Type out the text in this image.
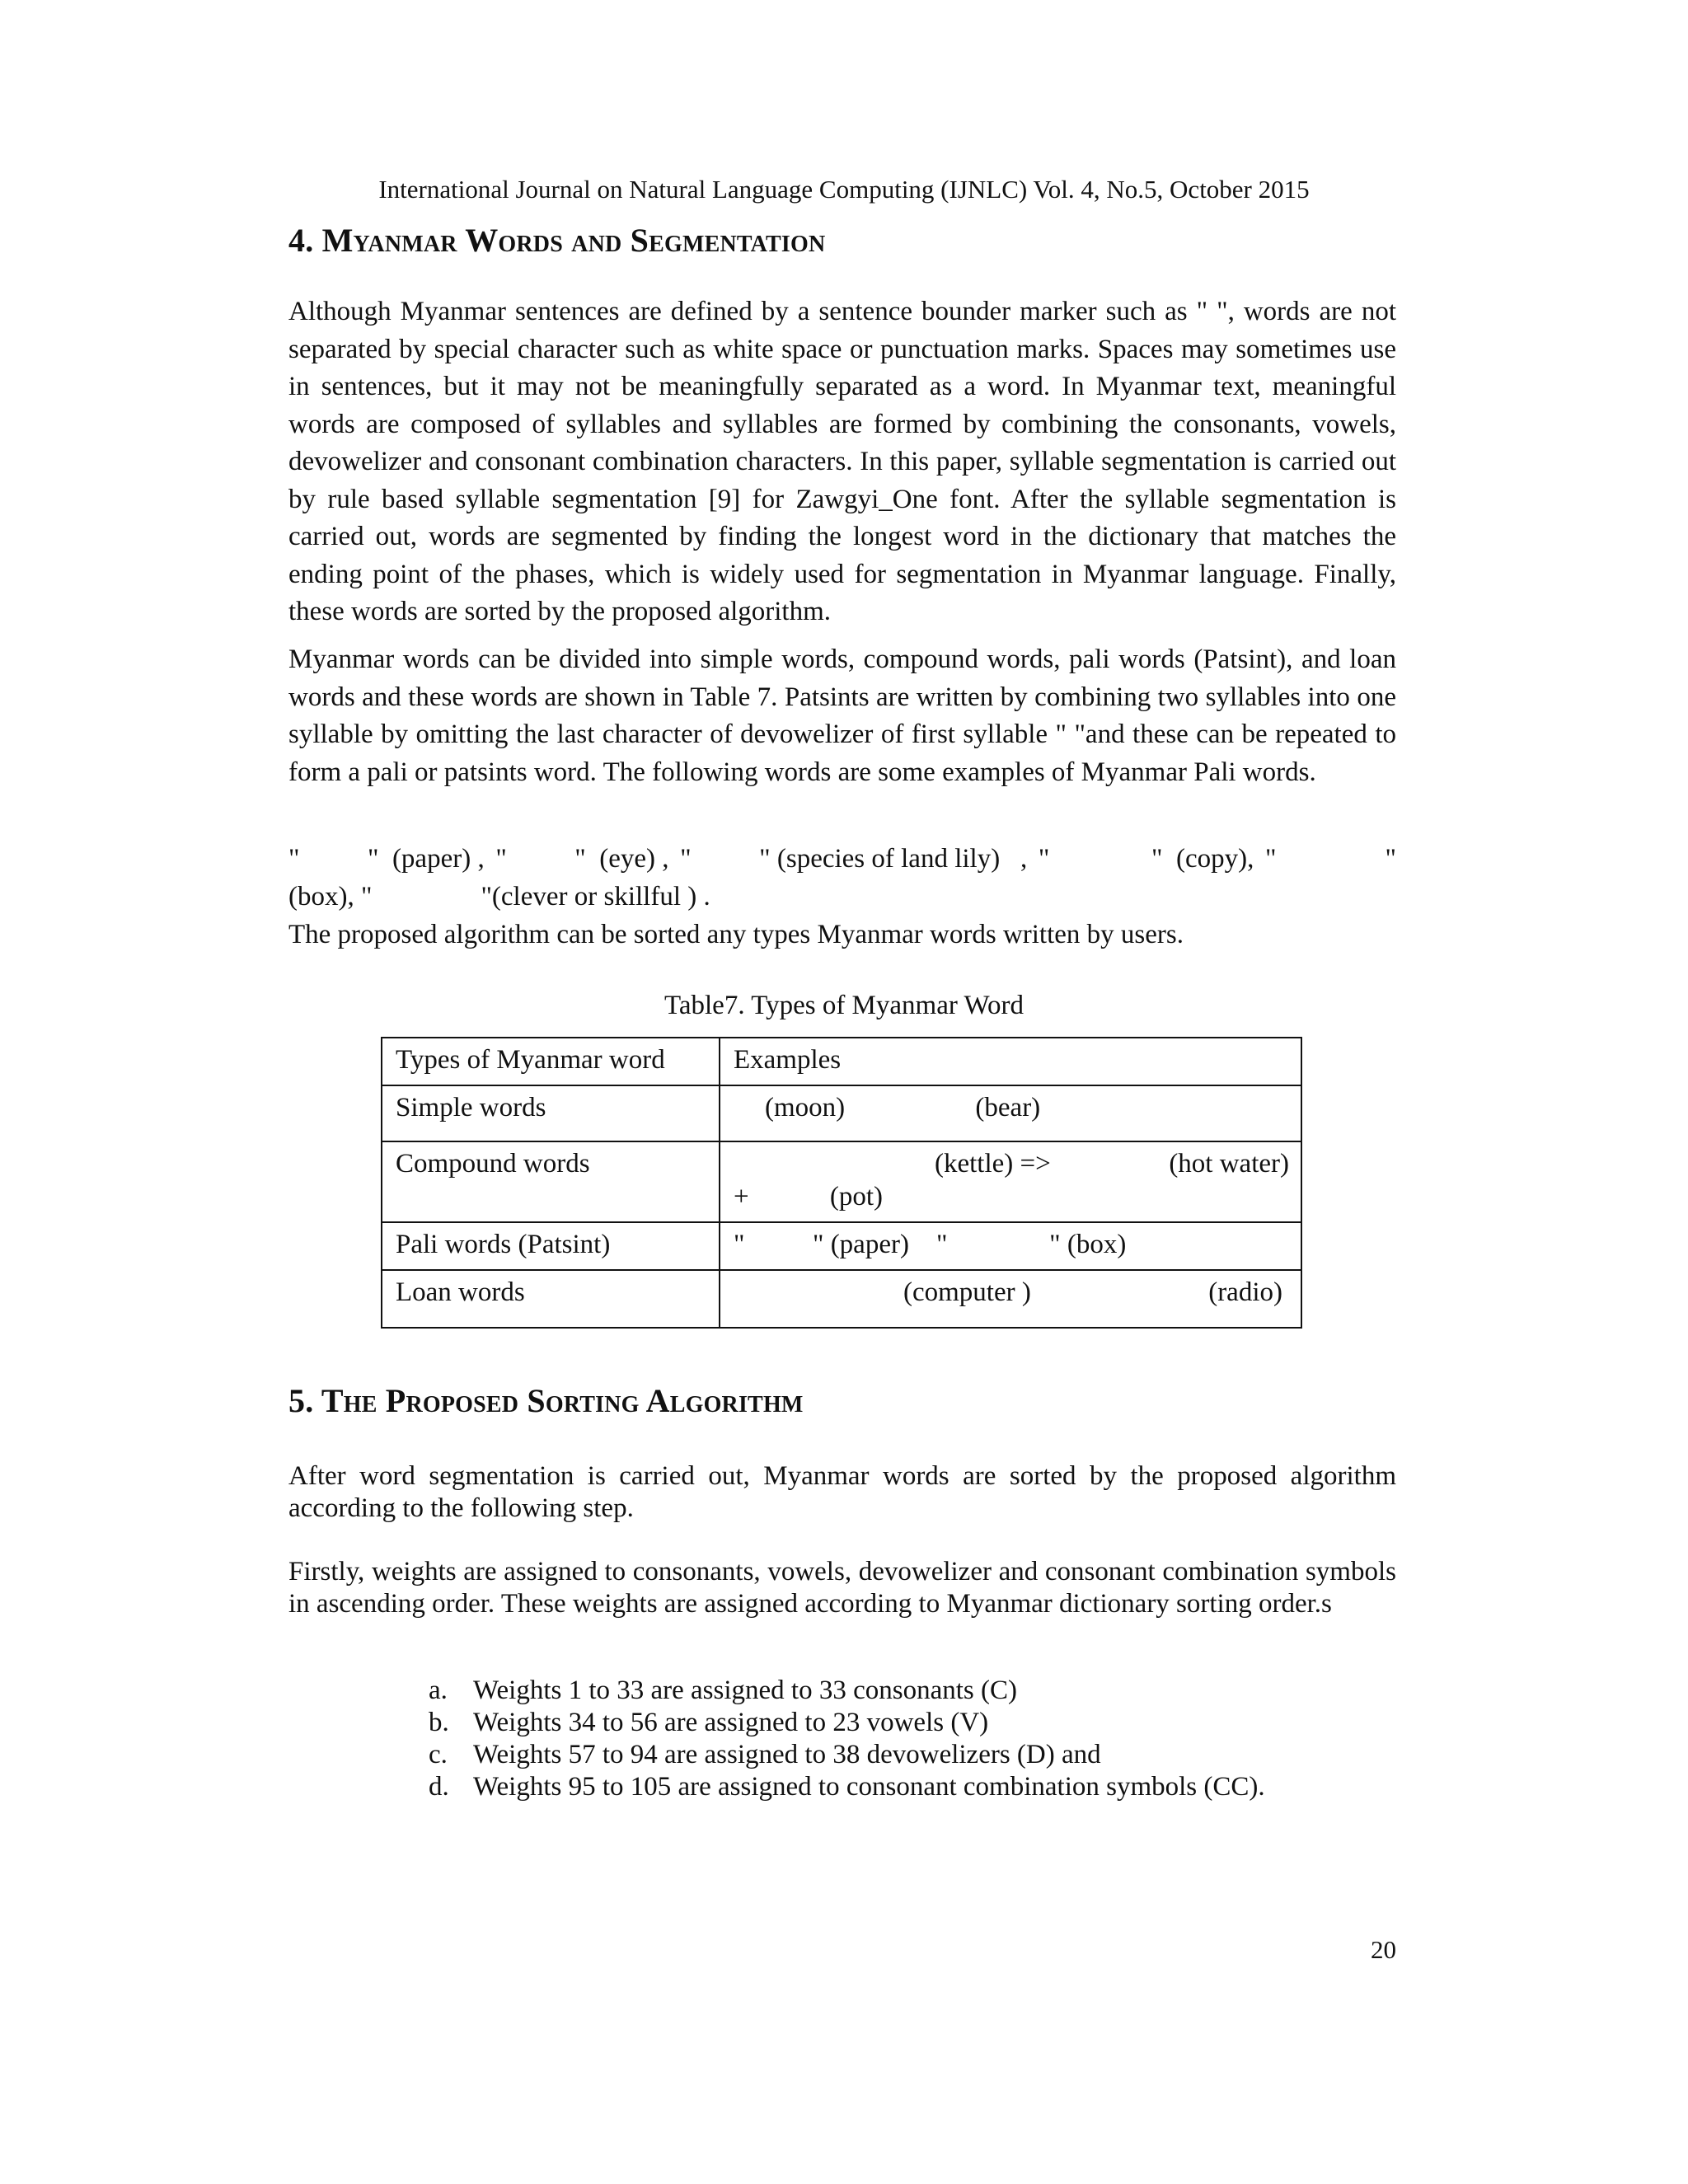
International Journal on Natural Language Computing (IJNLC) Vol. 4, No.5, October 2015
4. Myanmar Words and Segmentation

Although Myanmar sentences are defined by a sentence bounder marker such as " ", words are not separated by special character such as white space or punctuation marks. Spaces may sometimes use in sentences, but it may not be meaningfully separated as a word. In Myanmar text, meaningful words are composed of syllables and syllables are formed by combining the consonants, vowels, devowelizer and consonant combination characters. In this paper, syllable segmentation is carried out by rule based syllable segmentation [9] for Zawgyi_One font. After the syllable segmentation is carried out, words are segmented by finding the longest word in the dictionary that matches the ending point of the phases, which is widely used for segmentation in Myanmar language. Finally, these words are sorted by the proposed algorithm.

Myanmar words can be divided into simple words, compound words, pali words (Patsint), and loan words and these words are shown in Table 7. Patsints are written by combining two syllables into one syllable by omitting the last character of devowelizer of first syllable " "and these can be repeated to form a pali or patsints word. The following words are some examples of Myanmar Pali words.

"          "  (paper) , "          "  (eye) , "          " (species of land lily)   , "               "  (copy), "                "
(box), "                "(clever or skillful ) .

The proposed algorithm can be sorted any types Myanmar words written by users.

Table7. Types of Myanmar Word
Types of Myanmar word	Examples
Simple words	(moon) (bear)
Compound words	(kettle) => (hot water)
+ (pot)

Pali words (Patsint)	"          " (paper) "               " (box)
Loan words	(computer ) (radio)
5. The Proposed Sorting Algorithm

After word segmentation is carried out, Myanmar words are sorted by the proposed algorithm according to the following step.

Firstly, weights are assigned to consonants, vowels, devowelizer and consonant combination symbols in ascending order. These weights are assigned according to Myanmar dictionary sorting order.s

a. Weights 1 to 33 are assigned to 33 consonants (C)
b. Weights 34 to 56 are assigned to 23 vowels (V)
c. Weights 57 to 94 are assigned to 38 devowelizers (D) and
d. Weights 95 to 105 are assigned to consonant combination symbols (CC).
20
